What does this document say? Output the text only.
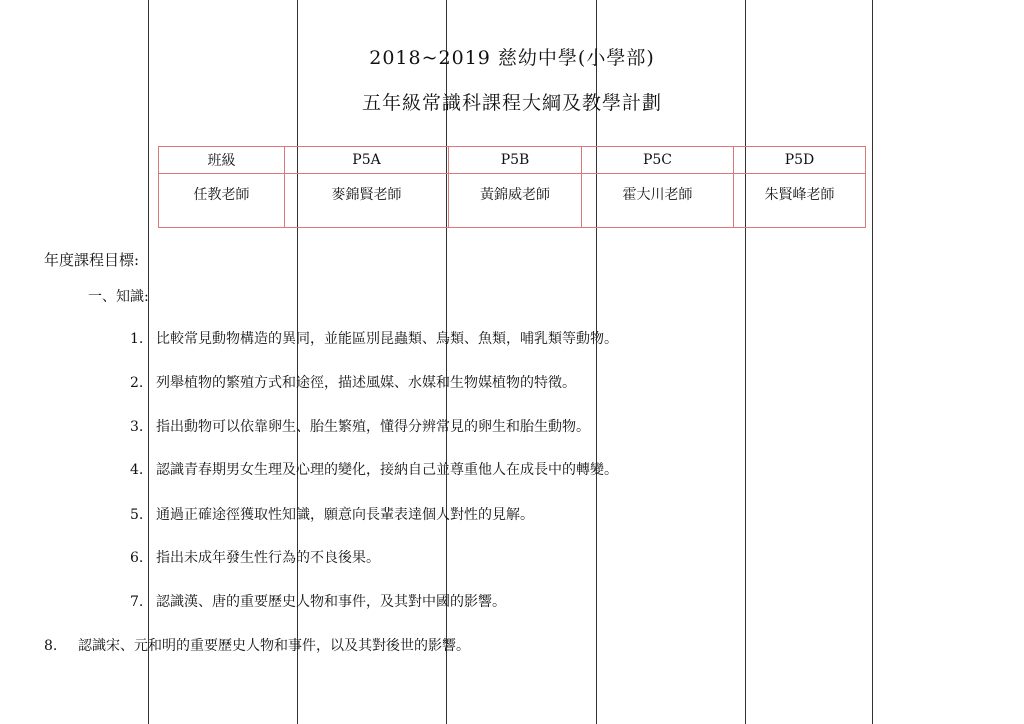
2018~2019 慈幼中學(小學部)
五年級常識科課程大綱及教學計劃
班級	P5A	P5B	P5C	P5D
任教老師	麥錦賢老師	黃錦威老師	霍大川老師	朱賢峰老師
年度課程目標:
一、知識:
1. 比較常見動物構造的異同，並能區別昆蟲類、鳥類、魚類，哺乳類等動物。
2. 列舉植物的繁殖方式和途徑，描述風媒、水媒和生物媒植物的特徵。
3. 指出動物可以依靠卵生、胎生繁殖，懂得分辨常見的卵生和胎生動物。
4. 認識青春期男女生理及心理的變化，接納自己並尊重他人在成長中的轉變。
5. 通過正確途徑獲取性知識，願意向長輩表達個人對性的見解。
6. 指出未成年發生性行為的不良後果。
7. 認識漢、唐的重要歷史人物和事件，及其對中國的影響。
8. 認識宋、元和明的重要歷史人物和事件，以及其對後世的影響。
